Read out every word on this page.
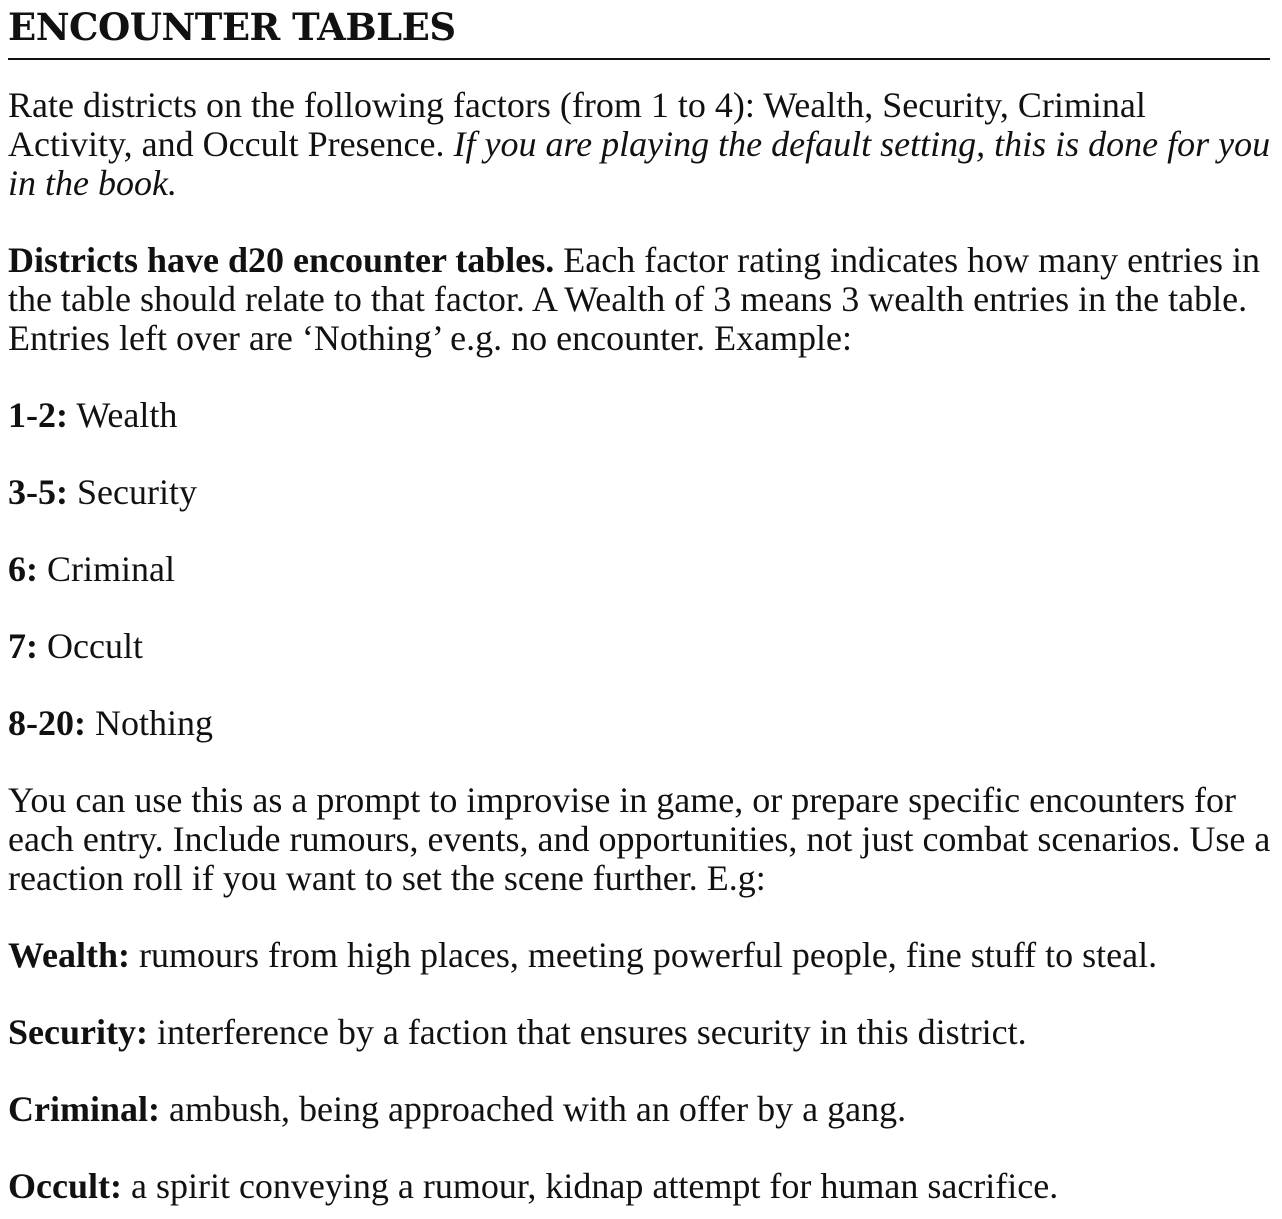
ENCOUNTER TABLES

Rate districts on the following factors (from 1 to 4): Wealth, Security, Criminal Activity, and Occult Presence. If you are playing the default setting, this is done for you in the book.

Districts have d20 encounter tables. Each factor rating indicates how many entries in the table should relate to that factor. A Wealth of 3 means 3 wealth entries in the table. Entries left over are ‘Nothing’ e.g. no encounter. Example:

1-2: Wealth

3-5: Security

6: Criminal

7: Occult

8-20: Nothing

You can use this as a prompt to improvise in game, or prepare specific encounters for each entry. Include rumours, events, and opportunities, not just combat scenarios. Use a reaction roll if you want to set the scene further. E.g:

Wealth: rumours from high places, meeting powerful people, fine stuff to steal.

Security: interference by a faction that ensures security in this district.

Criminal: ambush, being approached with an offer by a gang.

Occult: a spirit conveying a rumour, kidnap attempt for human sacrifice.
